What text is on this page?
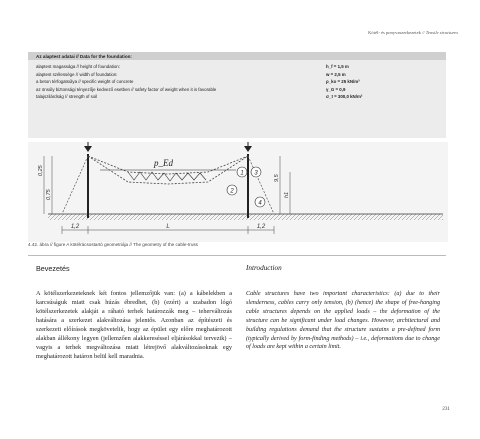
Kötél- és ponyvaszerkezetek // Tensile structures
Az alaptest adatai // Data for the foundation:
alaptest magassága // height of foundation:	h_f = 1,5 m
alaptest szélessége // width of foundation:	w = 2,5 m
a beton térfogatsúlya // specific weight of concrete	ρ_ko = 25 kN/m³
az önsúly biztonsági tényezője kedvező esetben // safety factor of weight when it is favorable	γ_G = 0,9
talajszilárdság // strength of soil	σ_t = 300,0 kN/m²
p_Ed
1
2
3
4
0,25
0,75
9,5
h1
1,2	L	1,2
4.42. ábra // figure A kötélrácsostartó geometriája // The geometry of the cable-truss
Bevezetés	Introduction

A kötélszerkezeteknek két fontos jellemzőjük van: (a) a kábelekben a karcsúságuk miatt csak húzás ébredhet, (b) (ezért) a szabadon lógó kötélszerkezetek alakját a ráható terhek határozzák meg – teherváltozás hatására a szerkezet alakváltozása jelentős. Azonban az építészeti és szerkezeti előírások megkövetelik, hogy az épület egy előre meghatározott alakban állékony legyen (jellemzően alakkereséssel eljárásokkal tervezik) – vagyis a terhek megváltozása miatt létrejövő alakváltozásoknak egy meghatározott határon belül kell maradnia.

Cable structures have two important characteristics: (a) due to their slenderness, cables carry only tension, (b) (hence) the shape of free-hanging cable structures depends on the applied loads – the deformation of the structure can be significant under load changes. However, architectural and building regulations demand that the structure sustains a pre-defined form (typically derived by form-finding methods) – i.e., deformations due to change of loads are kept within a certain limit.

231
